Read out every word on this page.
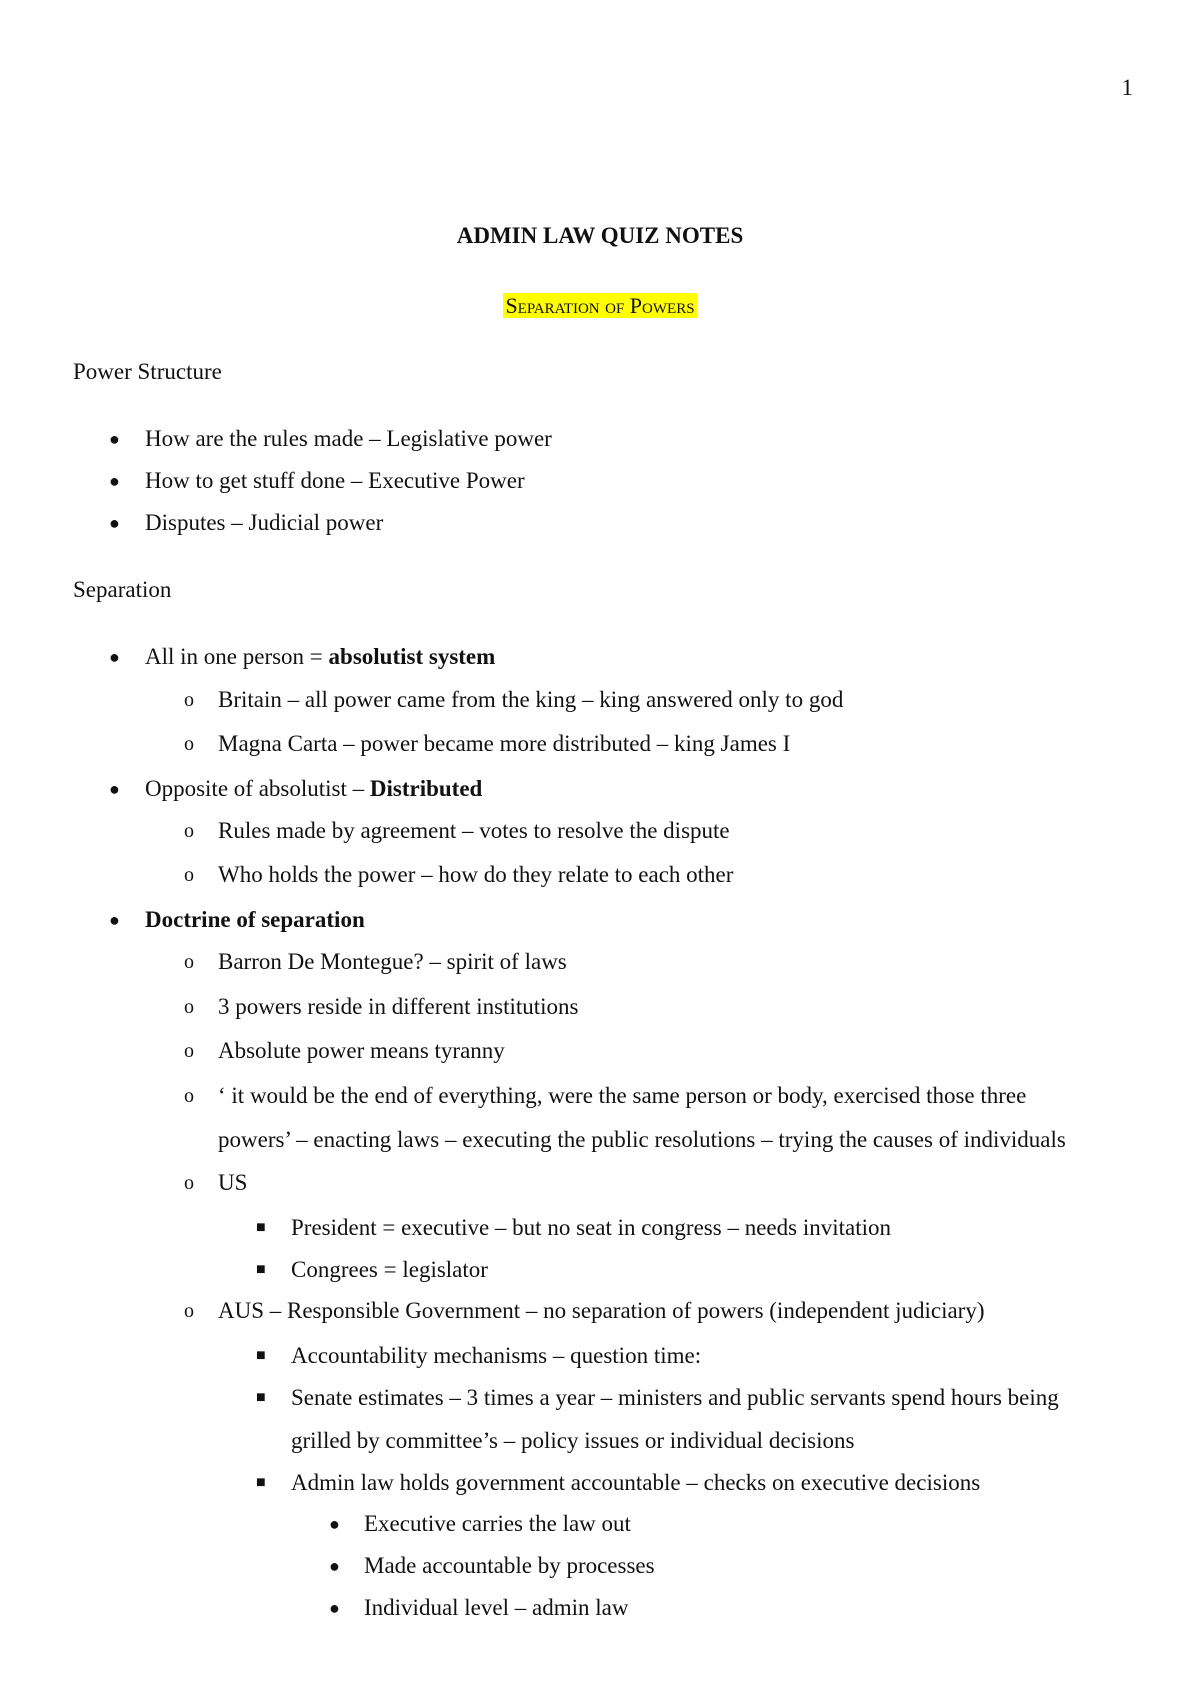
1
ADMIN LAW QUIZ NOTES
Separation of Powers
Power Structure
● How are the rules made – Legislative power
● How to get stuff done – Executive Power
● Disputes – Judicial power
Separation
● All in one person = absolutist system
o Britain – all power came from the king – king answered only to god
o Magna Carta – power became more distributed – king James I
● Opposite of absolutist – Distributed
o Rules made by agreement – votes to resolve the dispute
o Who holds the power – how do they relate to each other
● Doctrine of separation
o Barron De Montegue? – spirit of laws
o 3 powers reside in different institutions
o Absolute power means tyranny
o ‘ it would be the end of everything, were the same person or body, exercised those three
powers’ – enacting laws – executing the public resolutions – trying the causes of individuals
o US
■ President = executive – but no seat in congress – needs invitation
■ Congrees = legislator
o AUS – Responsible Government – no separation of powers (independent judiciary)
■ Accountability mechanisms – question time:
■ Senate estimates – 3 times a year – ministers and public servants spend hours being
grilled by committee’s – policy issues or individual decisions
■ Admin law holds government accountable – checks on executive decisions
● Executive carries the law out
● Made accountable by processes
● Individual level – admin law
